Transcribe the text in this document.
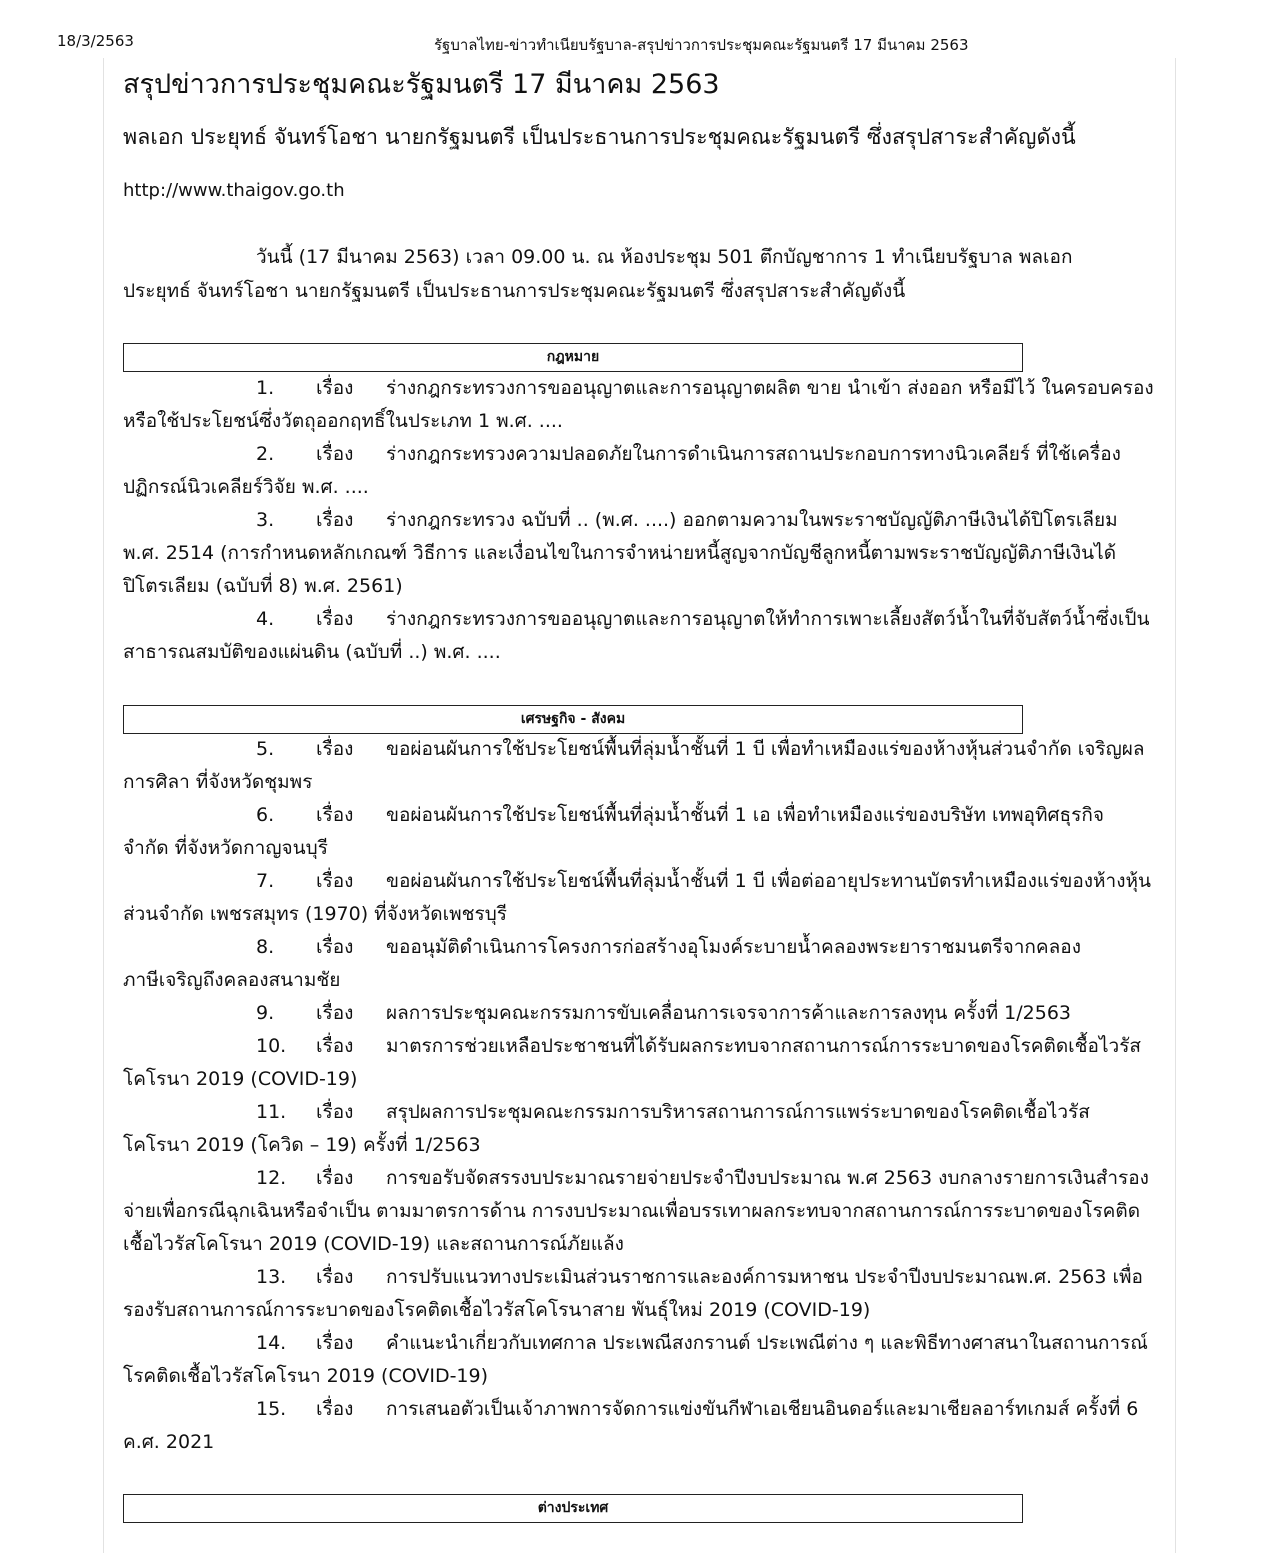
18/3/2563	รัฐบาลไทย-ข่าวทำเนียบรัฐบาล-สรุปข่าวการประชุมคณะรัฐมนตรี 17 มีนาคม 2563
สรุปข่าวการประชุมคณะรัฐมนตรี 17 มีนาคม 2563
พลเอก ประยุทธ์ จันทร์โอชา นายกรัฐมนตรี เป็นประธานการประชุมคณะรัฐมนตรี ซึ่งสรุปสาระสำคัญดังนี้
http://www.thaigov.go.th

วันนี้ (17 มีนาคม 2563) เวลา 09.00 น. ณ ห้องประชุม 501 ตึกบัญชาการ 1 ทำเนียบรัฐบาล พลเอก ประยุทธ์ จันทร์โอชา นายกรัฐมนตรี เป็นประธานการประชุมคณะรัฐมนตรี ซึ่งสรุปสาระสำคัญดังนี้

กฎหมาย

1. เรื่อง ร่างกฎกระทรวงการขออนุญาตและการอนุญาตผลิต ขาย นำเข้า ส่งออก หรือมีไว้ ในครอบครองหรือใช้ประโยชน์ซึ่งวัตถุออกฤทธิ์ในประเภท 1 พ.ศ. ....

2. เรื่อง ร่างกฎกระทรวงความปลอดภัยในการดำเนินการสถานประกอบการทางนิวเคลียร์ ที่ใช้เครื่องปฏิกรณ์นิวเคลียร์วิจัย พ.ศ. ....

3. เรื่อง ร่างกฎกระทรวง ฉบับที่ .. (พ.ศ. ....) ออกตามความในพระราชบัญญัติภาษีเงินได้ปิโตรเลียม พ.ศ. 2514 (การกำหนดหลักเกณฑ์ วิธีการ และเงื่อนไขในการจำหน่ายหนี้สูญจากบัญชีลูกหนี้ตามพระราชบัญญัติภาษีเงินได้ปิโตรเลียม (ฉบับที่ 8) พ.ศ. 2561)

4. เรื่อง ร่างกฎกระทรวงการขออนุญาตและการอนุญาตให้ทำการเพาะเลี้ยงสัตว์น้ำในที่จับสัตว์น้ำซึ่งเป็นสาธารณสมบัติของแผ่นดิน (ฉบับที่ ..) พ.ศ. ....

เศรษฐกิจ - สังคม

5. เรื่อง ขอผ่อนผันการใช้ประโยชน์พื้นที่ลุ่มน้ำชั้นที่ 1 บี เพื่อทำเหมืองแร่ของห้างหุ้นส่วนจำกัด เจริญผลการศิลา ที่จังหวัดชุมพร

6. เรื่อง ขอผ่อนผันการใช้ประโยชน์พื้นที่ลุ่มน้ำชั้นที่ 1 เอ เพื่อทำเหมืองแร่ของบริษัท เทพอุทิศธุรกิจ จำกัด ที่จังหวัดกาญจนบุรี

7. เรื่อง ขอผ่อนผันการใช้ประโยชน์พื้นที่ลุ่มน้ำชั้นที่ 1 บี เพื่อต่ออายุประทานบัตรทำเหมืองแร่ของห้างหุ้นส่วนจำกัด เพชรสมุทร (1970) ที่จังหวัดเพชรบุรี

8. เรื่อง ขออนุมัติดำเนินการโครงการก่อสร้างอุโมงค์ระบายน้ำคลองพระยาราชมนตรีจากคลองภาษีเจริญถึงคลองสนามชัย

9. เรื่อง ผลการประชุมคณะกรรมการขับเคลื่อนการเจรจาการค้าและการลงทุน ครั้งที่ 1/2563

10. เรื่อง มาตรการช่วยเหลือประชาชนที่ได้รับผลกระทบจากสถานการณ์การระบาดของโรคติดเชื้อไวรัสโคโรนา 2019 (COVID-19)

11. เรื่อง สรุปผลการประชุมคณะกรรมการบริหารสถานการณ์การแพร่ระบาดของโรคติดเชื้อไวรัสโคโรนา 2019 (โควิด – 19) ครั้งที่ 1/2563

12. เรื่อง การขอรับจัดสรรงบประมาณรายจ่ายประจำปีงบประมาณ พ.ศ 2563 งบกลางรายการเงินสำรองจ่ายเพื่อกรณีฉุกเฉินหรือจำเป็น ตามมาตรการด้าน การงบประมาณเพื่อบรรเทาผลกระทบจากสถานการณ์การระบาดของโรคติดเชื้อไวรัสโคโรนา 2019 (COVID-19) และสถานการณ์ภัยแล้ง

13. เรื่อง การปรับแนวทางประเมินส่วนราชการและองค์การมหาชน ประจำปีงบประมาณพ.ศ. 2563 เพื่อรองรับสถานการณ์การระบาดของโรคติดเชื้อไวรัสโคโรนาสาย พันธุ์ใหม่ 2019 (COVID-19)

14. เรื่อง คำแนะนำเกี่ยวกับเทศกาล ประเพณีสงกรานต์ ประเพณีต่าง ๆ และพิธีทางศาสนาในสถานการณ์โรคติดเชื้อไวรัสโคโรนา 2019 (COVID-19)

15. เรื่อง การเสนอตัวเป็นเจ้าภาพการจัดการแข่งขันกีฬาเอเชียนอินดอร์และมาเชียลอาร์ทเกมส์ ครั้งที่ 6 ค.ศ. 2021

ต่างประเทศ
